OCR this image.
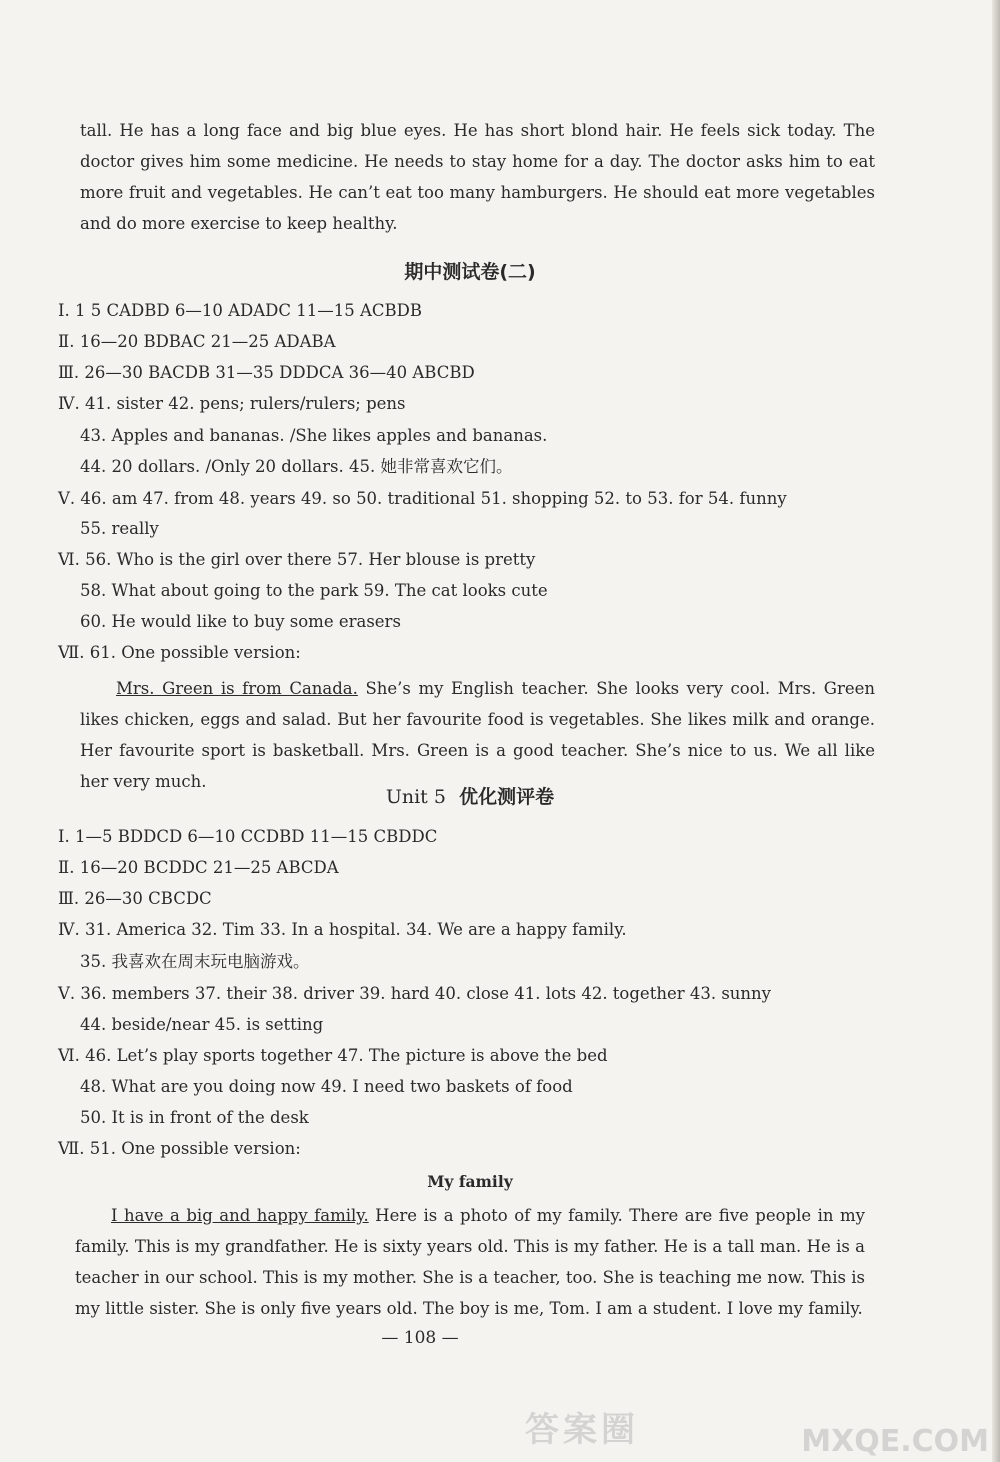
tall. He has a long face and big blue eyes. He has short blond hair. He feels sick today. The doctor gives him some medicine. He needs to stay home for a day. The doctor asks him to eat more fruit and vegetables. He can’t eat too many hamburgers. He should eat more vegetables and do more exercise to keep healthy.

期中测试卷(二)
Ⅰ. 1 5 CADBD 6—10 ADADC 11—15 ACBDB
Ⅱ. 16—20 BDBAC 21—25 ADABA
Ⅲ. 26—30 BACDB 31—35 DDDCA 36—40 ABCBD
Ⅳ. 41. sister 42. pens; rulers/rulers; pens
43. Apples and bananas. /She likes apples and bananas.
44. 20 dollars. /Only 20 dollars. 45. 她非常喜欢它们。
Ⅴ. 46. am 47. from 48. years 49. so 50. traditional 51. shopping 52. to 53. for 54. funny
55. really
Ⅵ. 56. Who is the girl over there 57. Her blouse is pretty
58. What about going to the park 59. The cat looks cute
60. He would like to buy some erasers
Ⅶ. 61. One possible version:

Mrs. Green is from Canada. She’s my English teacher. She looks very cool. Mrs. Green likes chicken, eggs and salad. But her favourite food is vegetables. She likes milk and orange. Her favourite sport is basketball. Mrs. Green is a good teacher. She’s nice to us. We all like her very much.

Unit 5 优化测评卷
Ⅰ. 1—5 BDDCD 6—10 CCDBD 11—15 CBDDC
Ⅱ. 16—20 BCDDC 21—25 ABCDA
Ⅲ. 26—30 CBCDC
Ⅳ. 31. America 32. Tim 33. In a hospital. 34. We are a happy family.
35. 我喜欢在周末玩电脑游戏。
Ⅴ. 36. members 37. their 38. driver 39. hard 40. close 41. lots 42. together 43. sunny
44. beside/near 45. is setting
Ⅵ. 46. Let’s play sports together 47. The picture is above the bed
48. What are you doing now 49. I need two baskets of food
50. It is in front of the desk
Ⅶ. 51. One possible version:
My family

I have a big and happy family. Here is a photo of my family. There are five people in my family. This is my grandfather. He is sixty years old. This is my father. He is a tall man. He is a teacher in our school. This is my mother. She is a teacher, too. She is teaching me now. This is my little sister. She is only five years old. The boy is me, Tom. I am a student. I love my family.

— 108 —
答案圈	MXQE.COM
